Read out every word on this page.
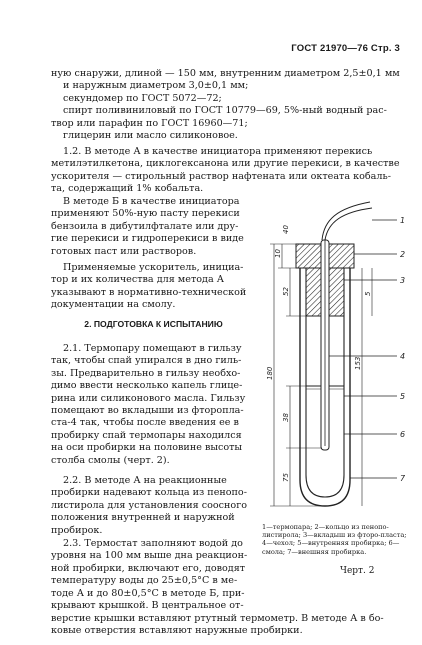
ГОСТ 21970—76 Стр. 3

ную снаружи, длиной — 150 мм, внутренним диаметром 2,5±0,1 мм

и наружным диаметром 3,0±0,1 мм;

секундомер по ГОСТ 5072—72;

спирт поливиниловый по ГОСТ 10779—69, 5%-ный водный рас-

твор или парафин по ГОСТ 16960—71;

глицерин или масло силиконовое.

1.2. В методе А в качестве инициатора применяют перекись

метилэтилкетона, циклогексанона или другие перекиси, в качестве

ускорителя — стирольный раствор нафтената или октеата кобаль-

та, содержащий 1% кобальта.

В методе Б в качестве инициатора

применяют 50%-ную пасту перекиси

бензоила в дибутилфталате или дру-

гие перекиси и гидроперекиси в виде

готовых паст или растворов.

Применяемые ускоритель, инициа-

тор и их количества для метода А

указывают в нормативно-технической

документации на смолу.

2. ПОДГОТОВКА К ИСПЫТАНИЮ

2.1. Термопару помещают в гильзу

так, чтобы спай упирался в дно гиль-

зы. Предварительно в гильзу необхо-

димо ввести несколько капель глице-

рина или силиконового масла. Гильзу

помещают во вкладыши из фторопла-

ста-4 так, чтобы после введения ее в

пробирку спай термопары находился

на оси пробирки на половине высоты

столба смолы (черт. 2).

2.2. В методе А на реакционные

пробирки надевают кольца из пенопо-

листирола для установления соосного

положения внутренней и наружной

пробирок.

2.3. Термостат заполняют водой до

уровня на 100 мм выше дна реакцион-

ной пробирки, включают его, доводят

температуру воды до 25±0,5°С в ме-

тоде А и до 80±0,5°С в методе Б, при-

крывают крышкой. В центральное от-

верстие крышки вставляют ртутный термометр. В методе А в бо-

ковые отверстия вставляют наружные пробирки.

1
2
3
4
5
6
7
10
40
52	5
153
180
38
75
1—термопара; 2—кольцо из пенопо-листирола; 3—вкладыш из фторо-пласта; 4—чехол; 5—внутренняя пробирка; 6—смола; 7—внешняя пробирка.
Черт. 2
